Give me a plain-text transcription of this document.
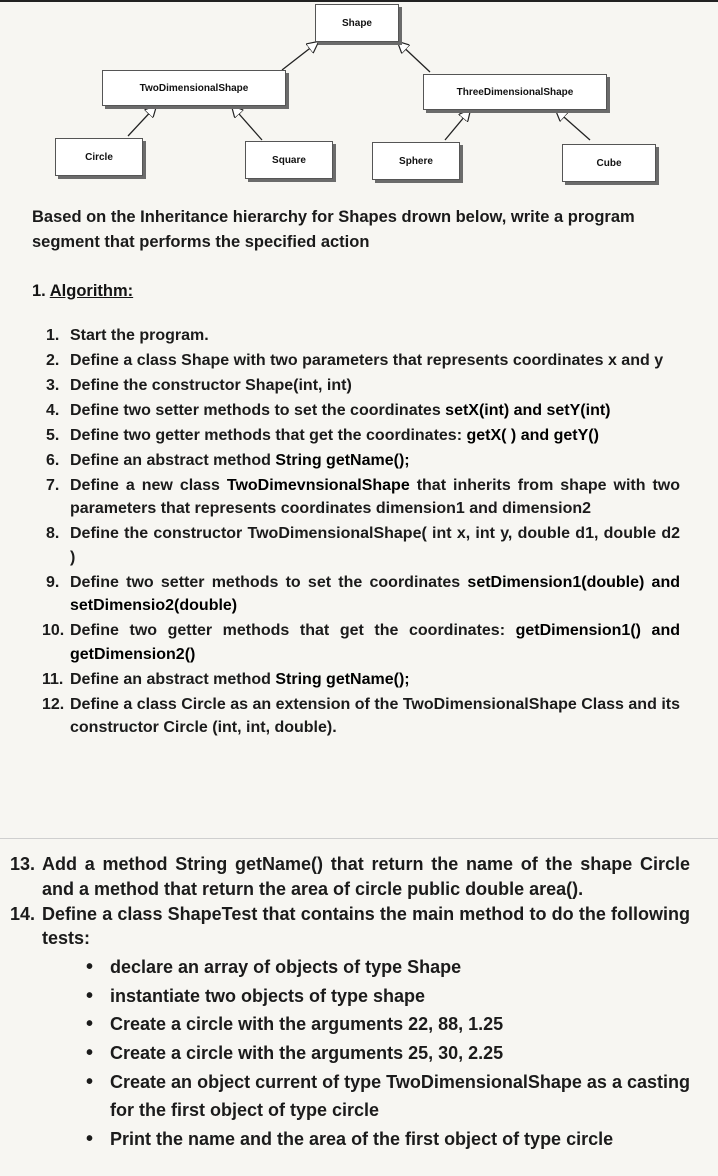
Shape
TwoDimensionalShape	ThreeDimensionalShape
Circle	Square	Sphere	Cube
Based on the Inheritance hierarchy for Shapes drown below, write a program segment that performs the specified action
1. Algorithm:
1. Start the program.
2. Define a class Shape with two parameters that represents coordinates x and y
3. Define the constructor Shape(int, int)
4. Define two setter methods to set the coordinates setX(int) and setY(int)
5. Define two getter methods that get the coordinates: getX( ) and getY()
6. Define an abstract method String getName();
7. Define a new class TwoDimevnsionalShape that inherits from shape with two parameters that represents coordinates dimension1 and dimension2
8. Define the constructor TwoDimensionalShape( int x, int y, double d1, double d2 )
9. Define two setter methods to set the coordinates setDimension1(double) and setDimensio2(double)
10. Define two getter methods that get the coordinates: getDimension1() and getDimension2()
11. Define an abstract method String getName();
12. Define a class Circle as an extension of the TwoDimensionalShape Class and its constructor Circle (int, int, double).
13. Add a method String getName() that return the name of the shape Circle and a method that return the area of circle public double area().
14. Define a class ShapeTest that contains the main method to do the following tests:
• declare an array of objects of type Shape
• instantiate two objects of type shape
• Create a circle with the arguments 22, 88, 1.25
• Create a circle with the arguments 25, 30, 2.25
• Create an object current of type TwoDimensionalShape as a casting for the first object of type circle
• Print the name and the area of the first object of type circle
